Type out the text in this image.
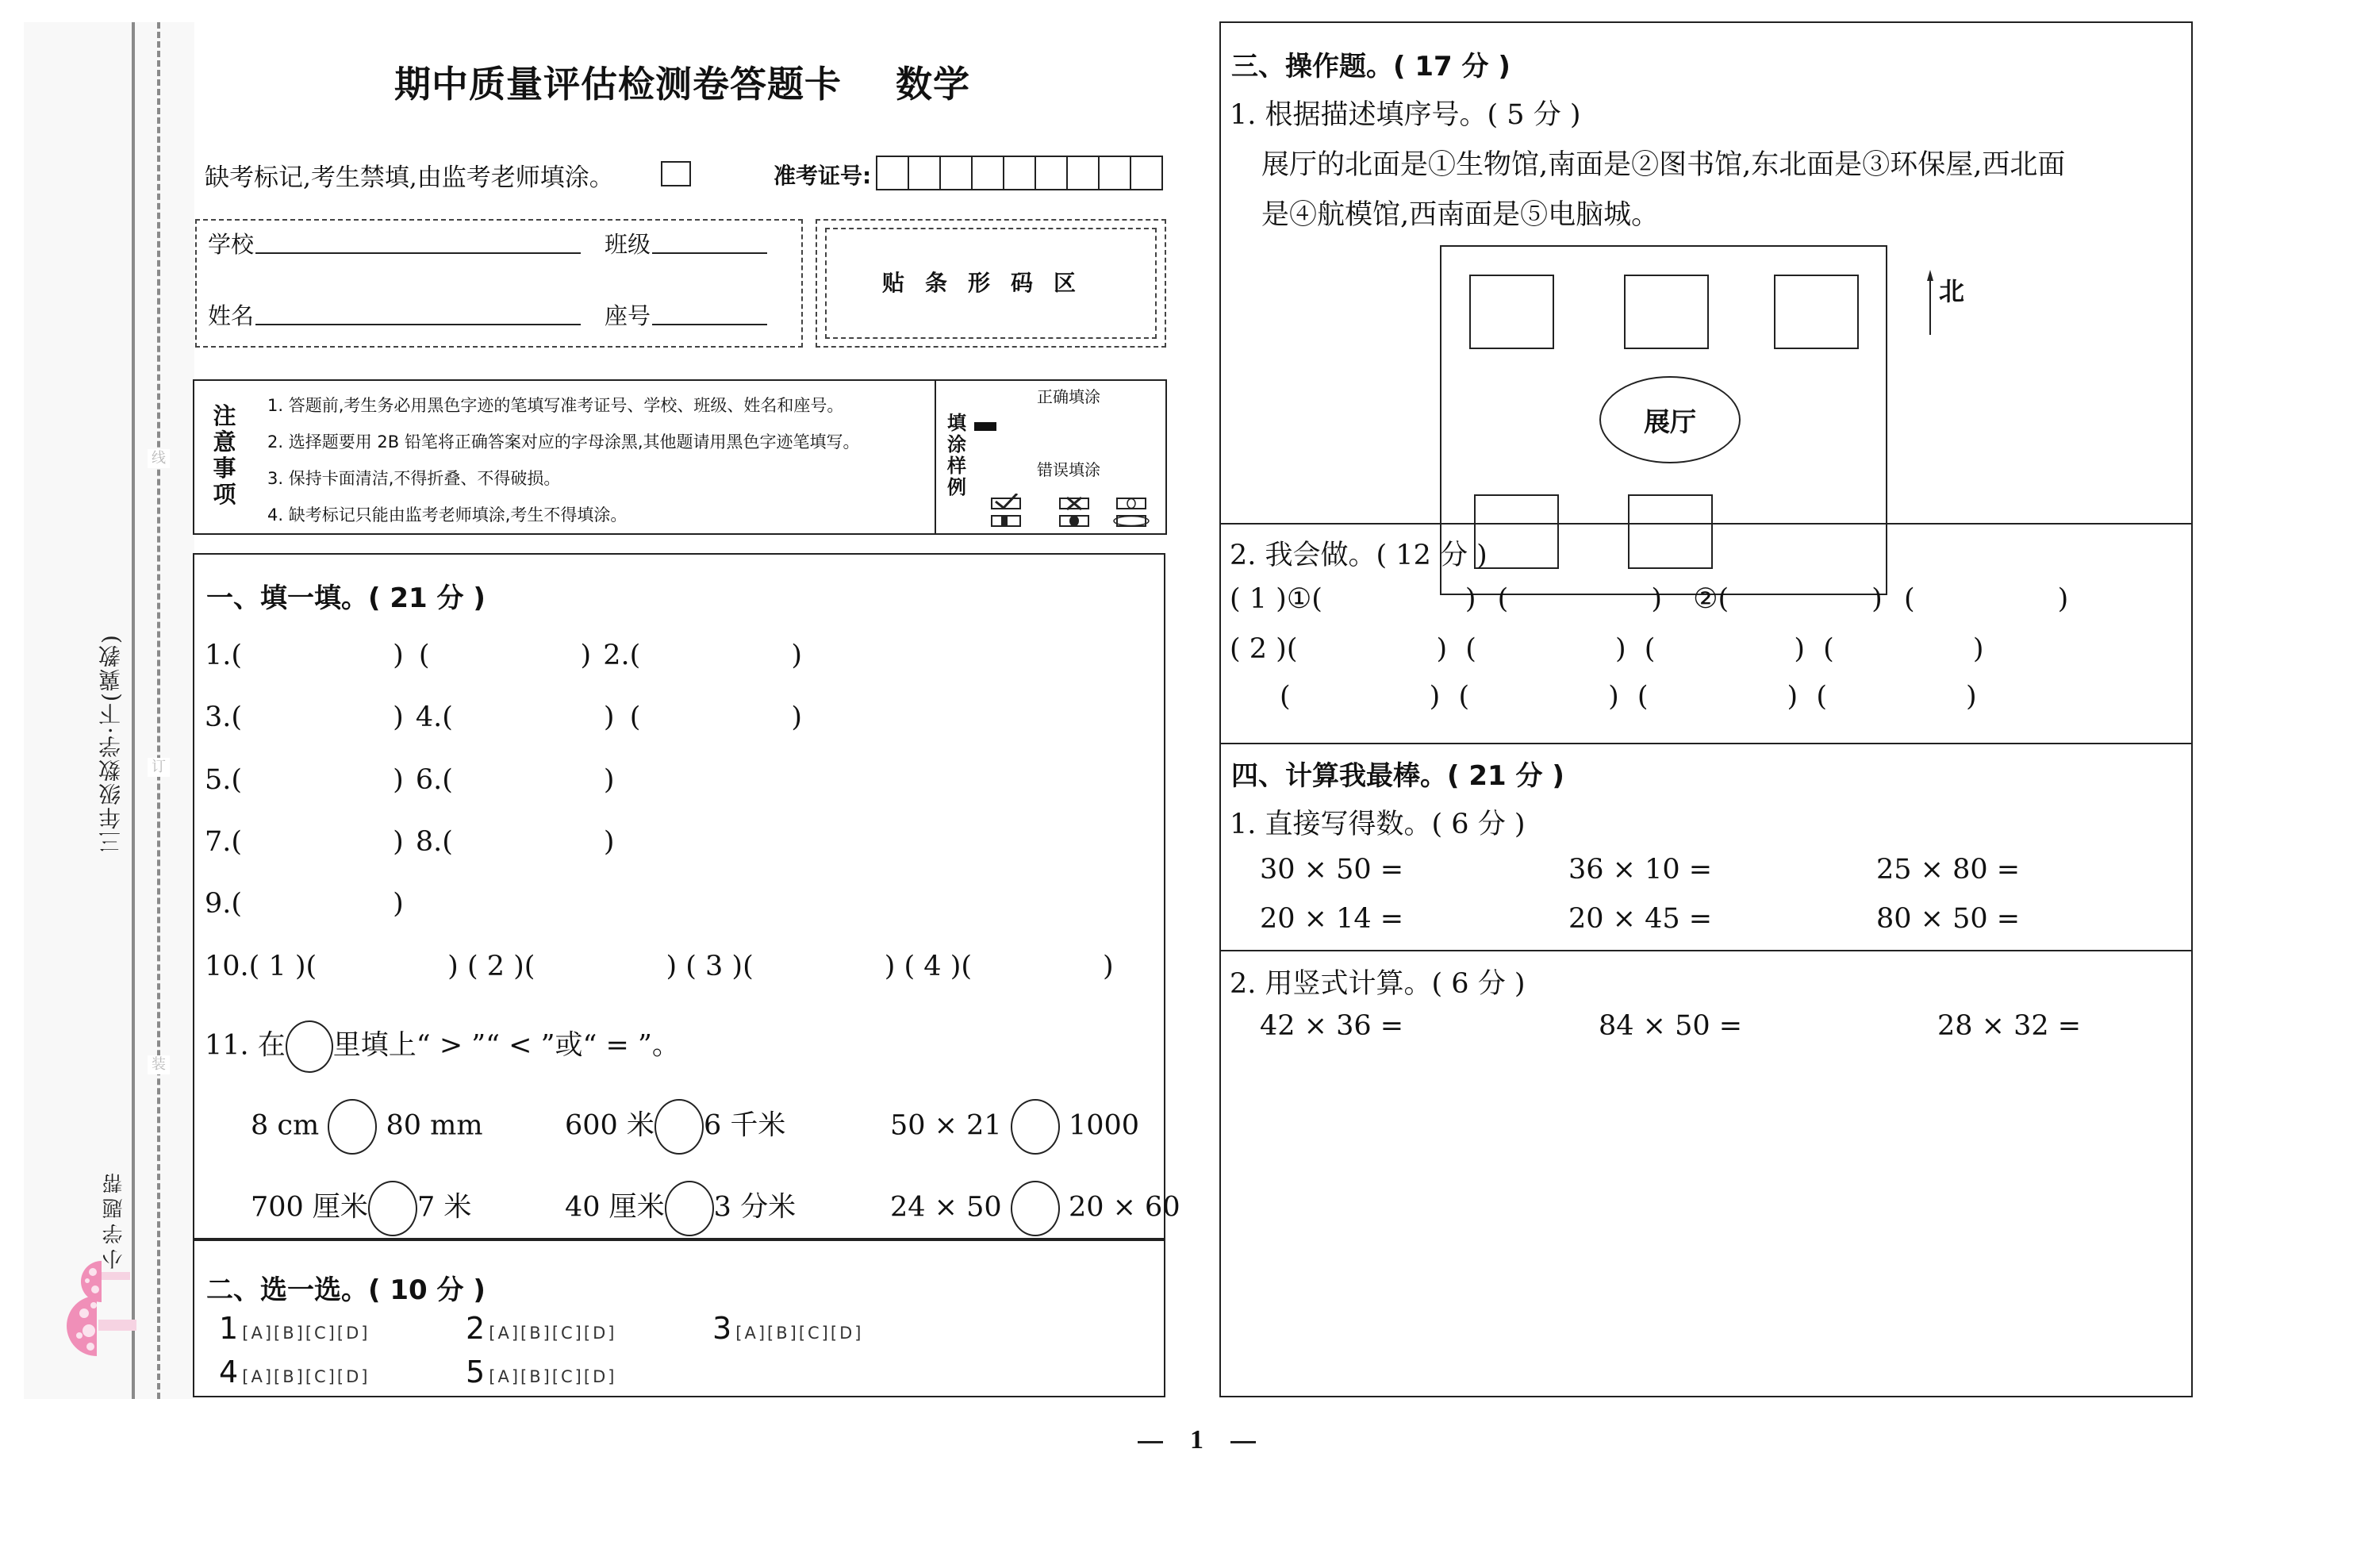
线
订
装
三年级数学·下(冀教)
小学题帮
期中质量评估检测卷答题卡    数学
缺考标记,考生禁填,由监考老师填涂。	准考证号:
学校	班级
姓名	座号
贴条形码区
注意事项
1. 答题前,考生务必用黑色字迹的笔填写准考证号、学校、班级、姓名和座号。
2. 选择题要用 2B 铅笔将正确答案对应的字母涂黑,其他题请用黑色字迹笔填写。
3. 保持卡面清洁,不得折叠、不得破损。
4. 缺考标记只能由监考老师填涂,考生不得填涂。
填涂样例
正确填涂
错误填涂
一、填一填。( 21 分 )
1.(	) (	) 2.(	)
3.(	) 4.(	) (	)
5.(	) 6.(	)
7.(	) 8.(	)
9.(	)
10.( 1 )(	) ( 2 )(	) ( 3 )(	) ( 4 )(	)
11. 在 里填上“ > ”“ < ”或“ = ”。
8 cm 80 mm	600 米 6 千米	50 × 21 1000
700 厘米 7 米	40 厘米 3 分米	24 × 50 20 × 60
二、选一选。( 10 分 )
1 [A][B][C][D]	2 [A][B][C][D]	3 [A][B][C][D]
4 [A][B][C][D]	5 [A][B][C][D]
三、操作题。( 17 分 )
1. 根据描述填序号。( 5 分 )
展厅的北面是①生物馆,南面是②图书馆,东北面是③环保屋,西北面
是④航模馆,西南面是⑤电脑城。
展厅
北
2. 我会做。( 12 分 )
( 1 )①(	) (	) ②(	) (	)
( 2 )(	) (	) (	) (	)
(	) (	) (	) (	)
四、计算我最棒。( 21 分 )
1. 直接写得数。( 6 分 )
30 × 50 =	36 × 10 =	25 × 80 =
20 × 14 =	20 × 45 =	80 × 50 =
2. 用竖式计算。( 6 分 )
42 × 36 =	84 × 50 =	28 × 32 =
1
